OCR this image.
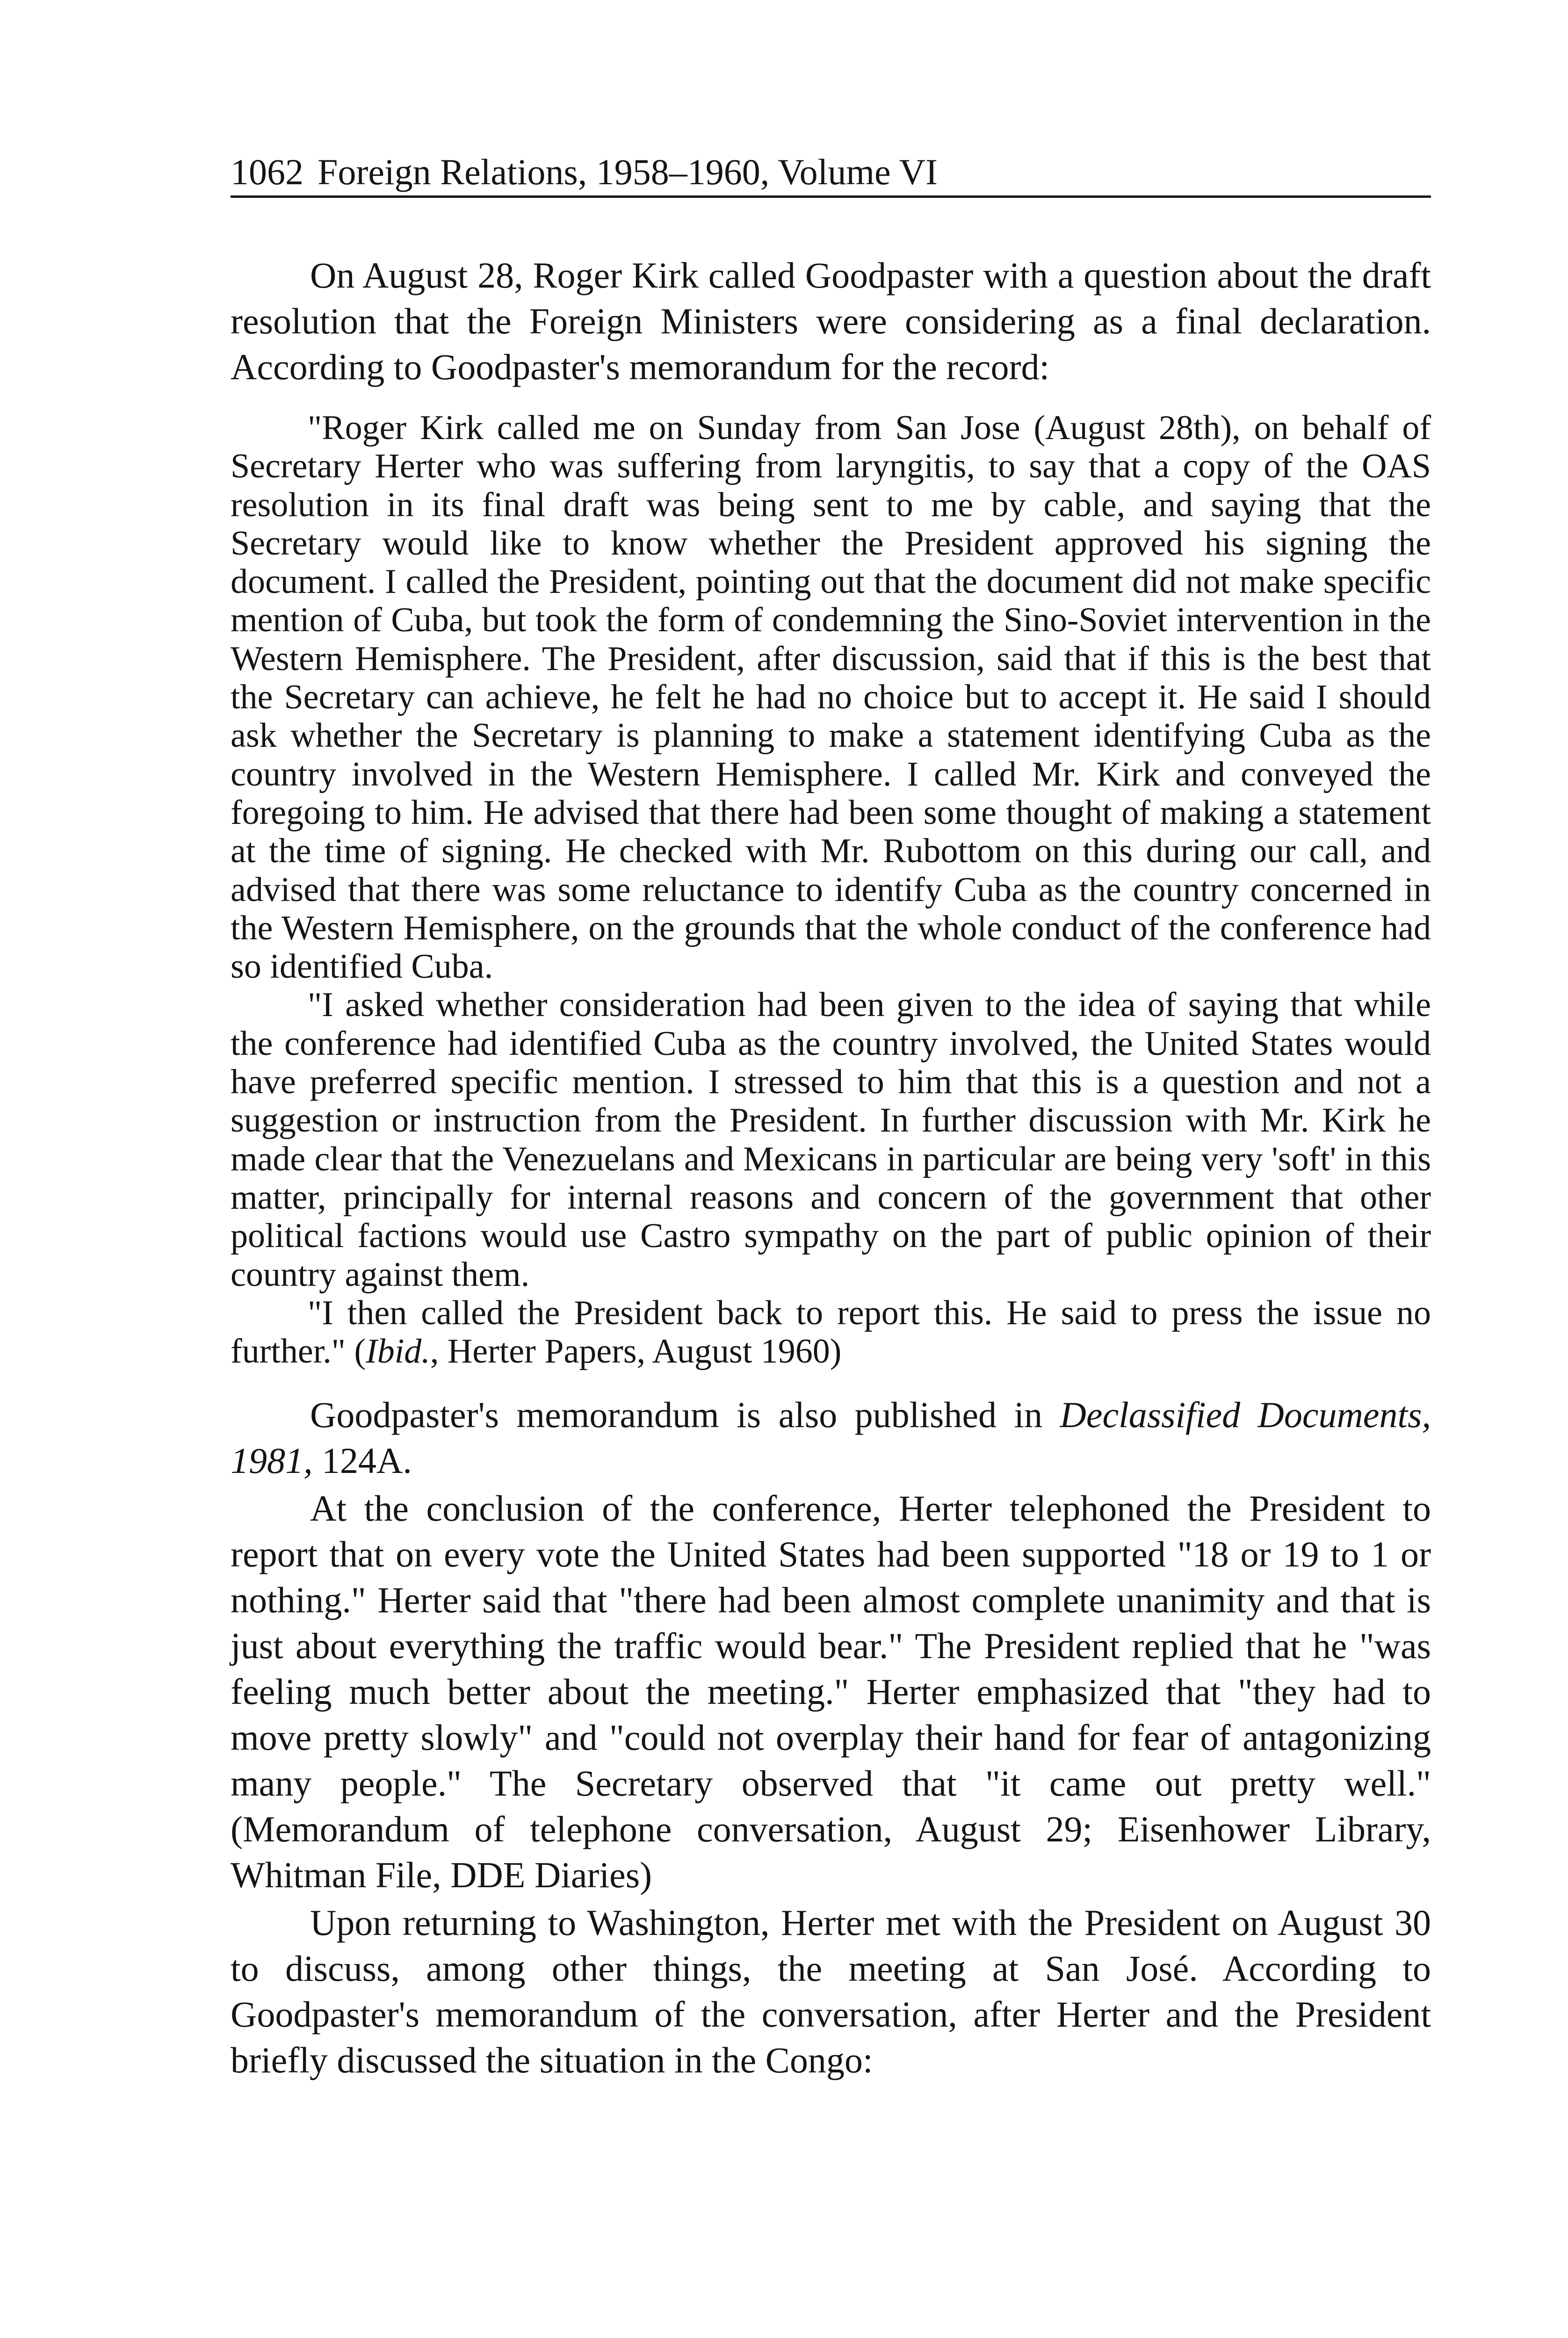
1062 Foreign Relations, 1958–1960, Volume VI

On August 28, Roger Kirk called Goodpaster with a question about the draft resolution that the Foreign Ministers were considering as a final declaration. According to Goodpaster's memorandum for the record:

"Roger Kirk called me on Sunday from San Jose (August 28th), on behalf of Secretary Herter who was suffering from laryngitis, to say that a copy of the OAS resolution in its final draft was being sent to me by cable, and saying that the Secretary would like to know whether the President approved his signing the document. I called the President, pointing out that the document did not make specific mention of Cuba, but took the form of condemning the Sino-Soviet intervention in the Western Hemisphere. The President, after discussion, said that if this is the best that the Secretary can achieve, he felt he had no choice but to accept it. He said I should ask whether the Secretary is planning to make a statement identifying Cuba as the country involved in the Western Hemisphere. I called Mr. Kirk and conveyed the foregoing to him. He advised that there had been some thought of making a statement at the time of signing. He checked with Mr. Rubottom on this during our call, and advised that there was some reluctance to identify Cuba as the country concerned in the Western Hemisphere, on the grounds that the whole conduct of the conference had so identified Cuba.

"I asked whether consideration had been given to the idea of saying that while the conference had identified Cuba as the country involved, the United States would have preferred specific mention. I stressed to him that this is a question and not a suggestion or instruction from the President. In further discussion with Mr. Kirk he made clear that the Venezuelans and Mexicans in particular are being very 'soft' in this matter, principally for internal reasons and concern of the government that other political factions would use Castro sympathy on the part of public opinion of their country against them.

"I then called the President back to report this. He said to press the issue no further." (Ibid., Herter Papers, August 1960)

Goodpaster's memorandum is also published in Declassified Documents, 1981, 124A.

At the conclusion of the conference, Herter telephoned the President to report that on every vote the United States had been supported "18 or 19 to 1 or nothing." Herter said that "there had been almost complete unanimity and that is just about everything the traffic would bear." The President replied that he "was feeling much better about the meeting." Herter emphasized that "they had to move pretty slowly" and "could not overplay their hand for fear of antagonizing many people." The Secretary observed that "it came out pretty well." (Memorandum of telephone conversation, August 29; Eisenhower Library, Whitman File, DDE Diaries)

Upon returning to Washington, Herter met with the President on August 30 to discuss, among other things, the meeting at San José. According to Goodpaster's memorandum of the conversation, after Herter and the President briefly discussed the situation in the Congo:
